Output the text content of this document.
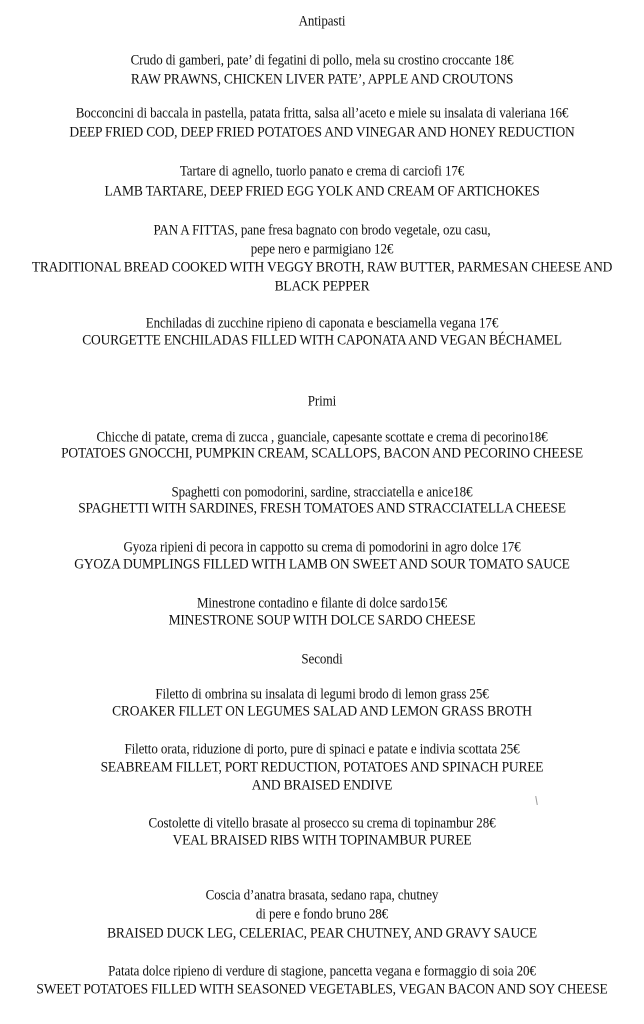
Antipasti
Crudo di gamberi, pate’ di fegatini di pollo, mela su crostino croccante 18€
RAW PRAWNS, CHICKEN LIVER PATE’, APPLE AND CROUTONS
Bocconcini di baccala in pastella, patata fritta, salsa all’aceto e miele su insalata di valeriana 16€
DEEP FRIED COD, DEEP FRIED POTATOES AND VINEGAR AND HONEY REDUCTION
Tartare di agnello, tuorlo panato e crema di carciofi 17€
LAMB TARTARE, DEEP FRIED EGG YOLK AND CREAM OF ARTICHOKES
PAN A FITTAS, pane fresa bagnato con brodo vegetale, ozu casu,
pepe nero e parmigiano 12€
TRADITIONAL BREAD COOKED WITH VEGGY BROTH, RAW BUTTER, PARMESAN CHEESE AND
BLACK PEPPER
Enchiladas di zucchine ripieno di caponata e besciamella vegana 17€
COURGETTE ENCHILADAS FILLED WITH CAPONATA AND VEGAN BÉCHAMEL
Primi
Chicche di patate, crema di zucca , guanciale, capesante scottate e crema di pecorino18€
POTATOES GNOCCHI, PUMPKIN CREAM, SCALLOPS, BACON AND PECORINO CHEESE
Spaghetti con pomodorini, sardine, stracciatella e anice18€
SPAGHETTI WITH SARDINES, FRESH TOMATOES AND STRACCIATELLA CHEESE
Gyoza ripieni di pecora in cappotto su crema di pomodorini in agro dolce 17€
GYOZA DUMPLINGS FILLED WITH LAMB ON SWEET AND SOUR TOMATO SAUCE
Minestrone contadino e filante di dolce sardo15€
MINESTRONE SOUP WITH DOLCE SARDO CHEESE
Secondi
Filetto di ombrina su insalata di legumi brodo di lemon grass 25€
CROAKER FILLET ON LEGUMES SALAD AND LEMON GRASS BROTH
Filetto orata, riduzione di porto, pure di spinaci e patate e indivia scottata 25€
SEABREAM FILLET, PORT REDUCTION, POTATOES AND SPINACH PUREE
AND BRAISED ENDIVE
Costolette di vitello brasate al prosecco su crema di topinambur 28€
VEAL BRAISED RIBS WITH TOPINAMBUR PUREE
Coscia d’anatra brasata, sedano rapa, chutney
di pere e fondo bruno 28€
BRAISED DUCK LEG, CELERIAC, PEAR CHUTNEY, AND GRAVY SAUCE
Patata dolce ripieno di verdure di stagione, pancetta vegana e formaggio di soia 20€
SWEET POTATOES FILLED WITH SEASONED VEGETABLES, VEGAN BACON AND SOY CHEESE
